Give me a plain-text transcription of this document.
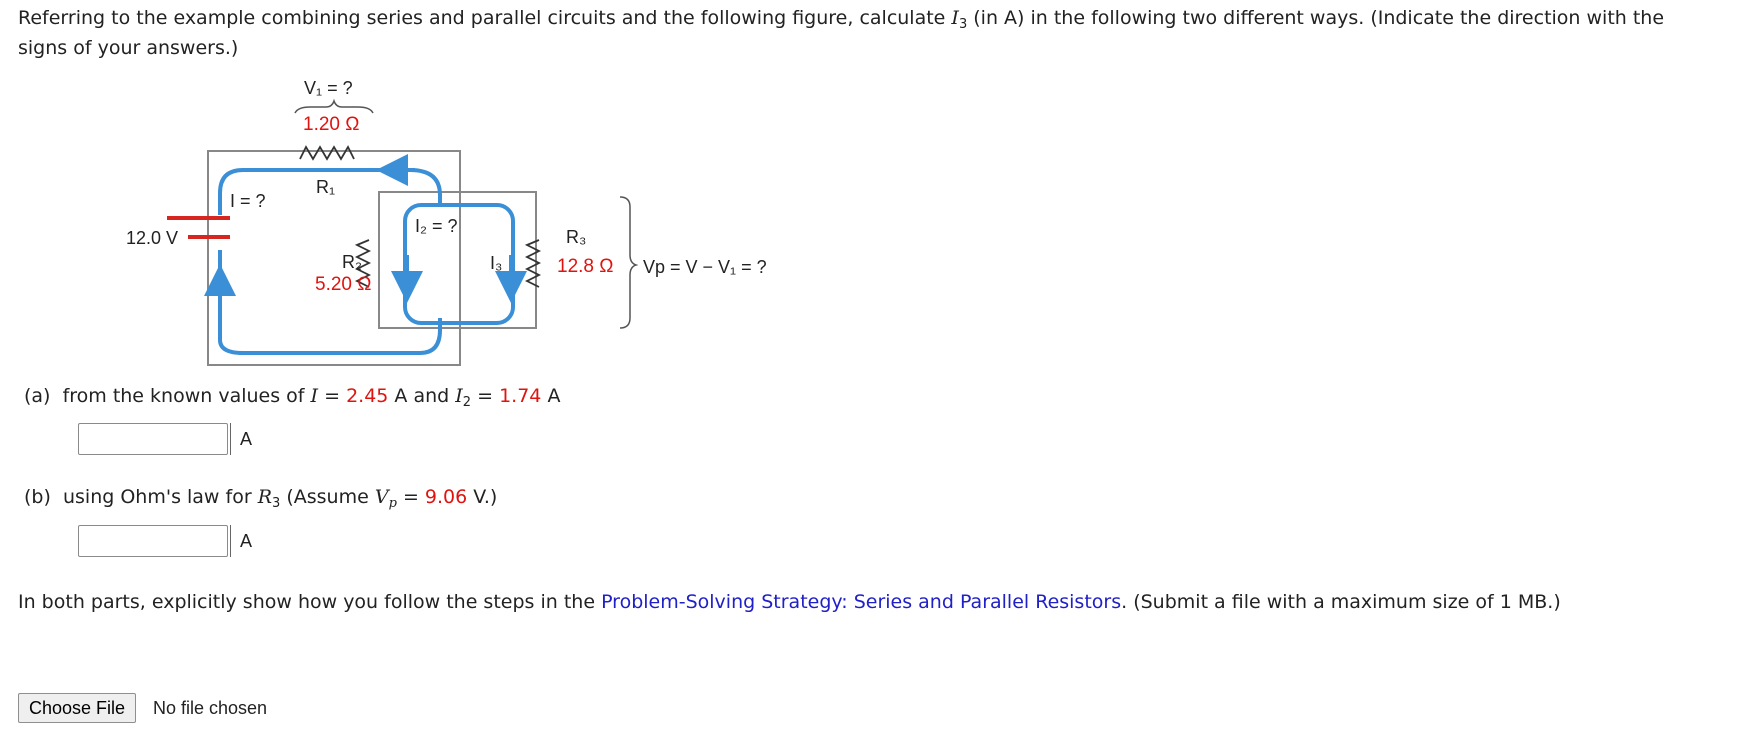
Referring to the example combining series and parallel circuits and the following figure, calculate $I_3$ (in A) in the following two different ways. (Indicate the direction with the
signs of your answers.)
12.0 V
V₁ = ?
1.20 Ω
R₁
I = ?
I₂ = ?
R₂
5.20 Ω
I₃
R₃
12.8 Ω Vp = V − V₁ = ?
(a) from the known values of I = 2.45 A and $I_2 = 1.74$ A
A
(b) using Ohm's law for $R_3$ (Assume $V_p = 9.06$ V.)
A
In both parts, explicitly show how you follow the steps in the Problem-Solving Strategy: Series and Parallel Resistors. (Submit a file with a maximum size of 1 MB.)
Choose File	No file chosen
